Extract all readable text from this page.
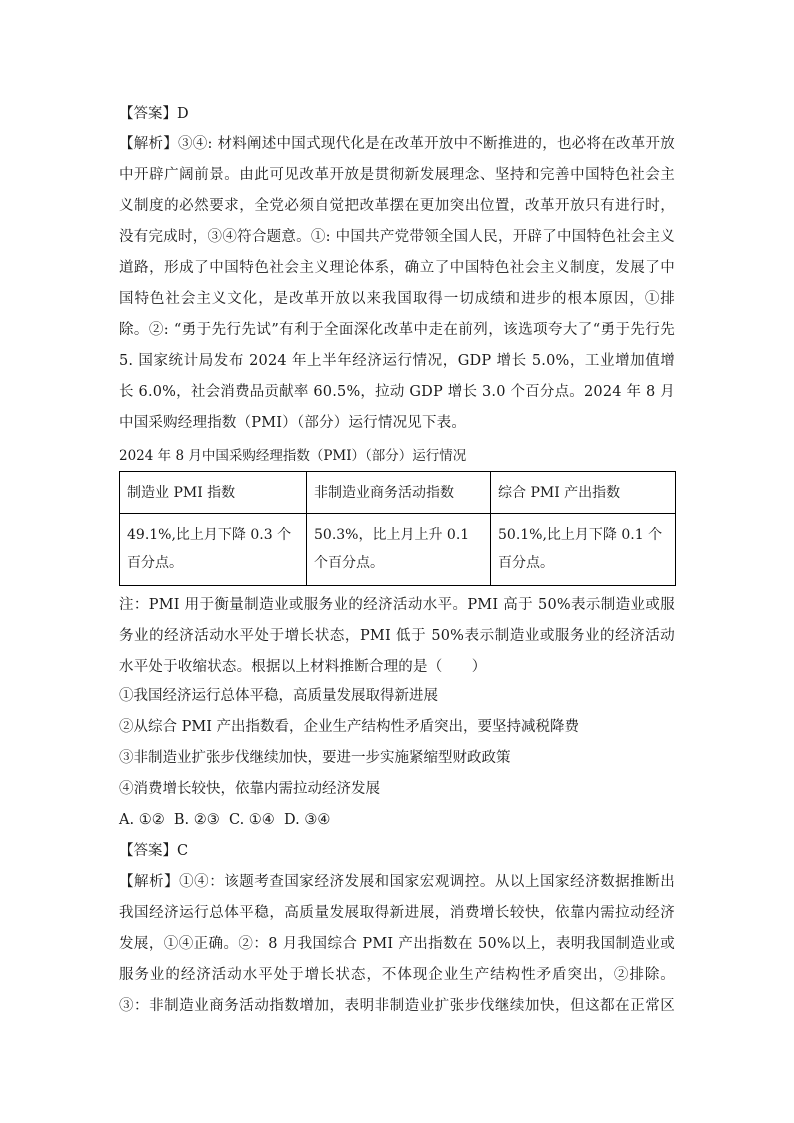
【答案】D

【解析】③④: 材料阐述中国式现代化是在改革开放中不断推进的，也必将在改革开放中开辟广阔前景。由此可见改革开放是贯彻新发展理念、坚持和完善中国特色社会主义制度的必然要求，全党必须自觉把改革摆在更加突出位置，改革开放只有进行时，没有完成时，③④符合题意。①: 中国共产党带领全国人民，开辟了中国特色社会主义道路，形成了中国特色社会主义理论体系，确立了中国特色社会主义制度，发展了中国特色社会主义文化，是改革开放以来我国取得一切成绩和进步的根本原因，①排除。②: “勇于先行先试”有利于全面深化改革中走在前列，该选项夸大了“勇于先行先

5. 国家统计局发布 2024 年上半年经济运行情况，GDP 增长 5.0%，工业增加值增长 6.0%，社会消费品贡献率 60.5%，拉动 GDP 增长 3.0 个百分点。2024 年 8 月中国采购经理指数（PMI）（部分）运行情况见下表。

2024 年 8 月中国采购经理指数（PMI）（部分）运行情况
制造业 PMI 指数	非制造业商务活动指数	综合 PMI 产出指数
49.1%,比上月下降 0.3 个百分点。	50.3%，比上月上升 0.1 个百分点。	50.1%,比上月下降 0.1 个百分点。

注：PMI 用于衡量制造业或服务业的经济活动水平。PMI 高于 50%表示制造业或服务业的经济活动水平处于增长状态，PMI 低于 50%表示制造业或服务业的经济活动水平处于收缩状态。根据以上材料推断合理的是（　　）

①我国经济运行总体平稳，高质量发展取得新进展
②从综合 PMI 产出指数看，企业生产结构性矛盾突出，要坚持减税降费
③非制造业扩张步伐继续加快，要进一步实施紧缩型财政政策
④消费增长较快，依靠内需拉动经济发展
A. ①②  B. ②③  C. ①④  D. ③④
【答案】C

【解析】①④：该题考查国家经济发展和国家宏观调控。从以上国家经济数据推断出我国经济运行总体平稳，高质量发展取得新进展，消费增长较快，依靠内需拉动经济发展，①④正确。②：8 月我国综合 PMI 产出指数在 50%以上，表明我国制造业或服务业的经济活动水平处于增长状态，不体现企业生产结构性矛盾突出，②排除。③：非制造业商务活动指数增加，表明非制造业扩张步伐继续加快，但这都在正常区
